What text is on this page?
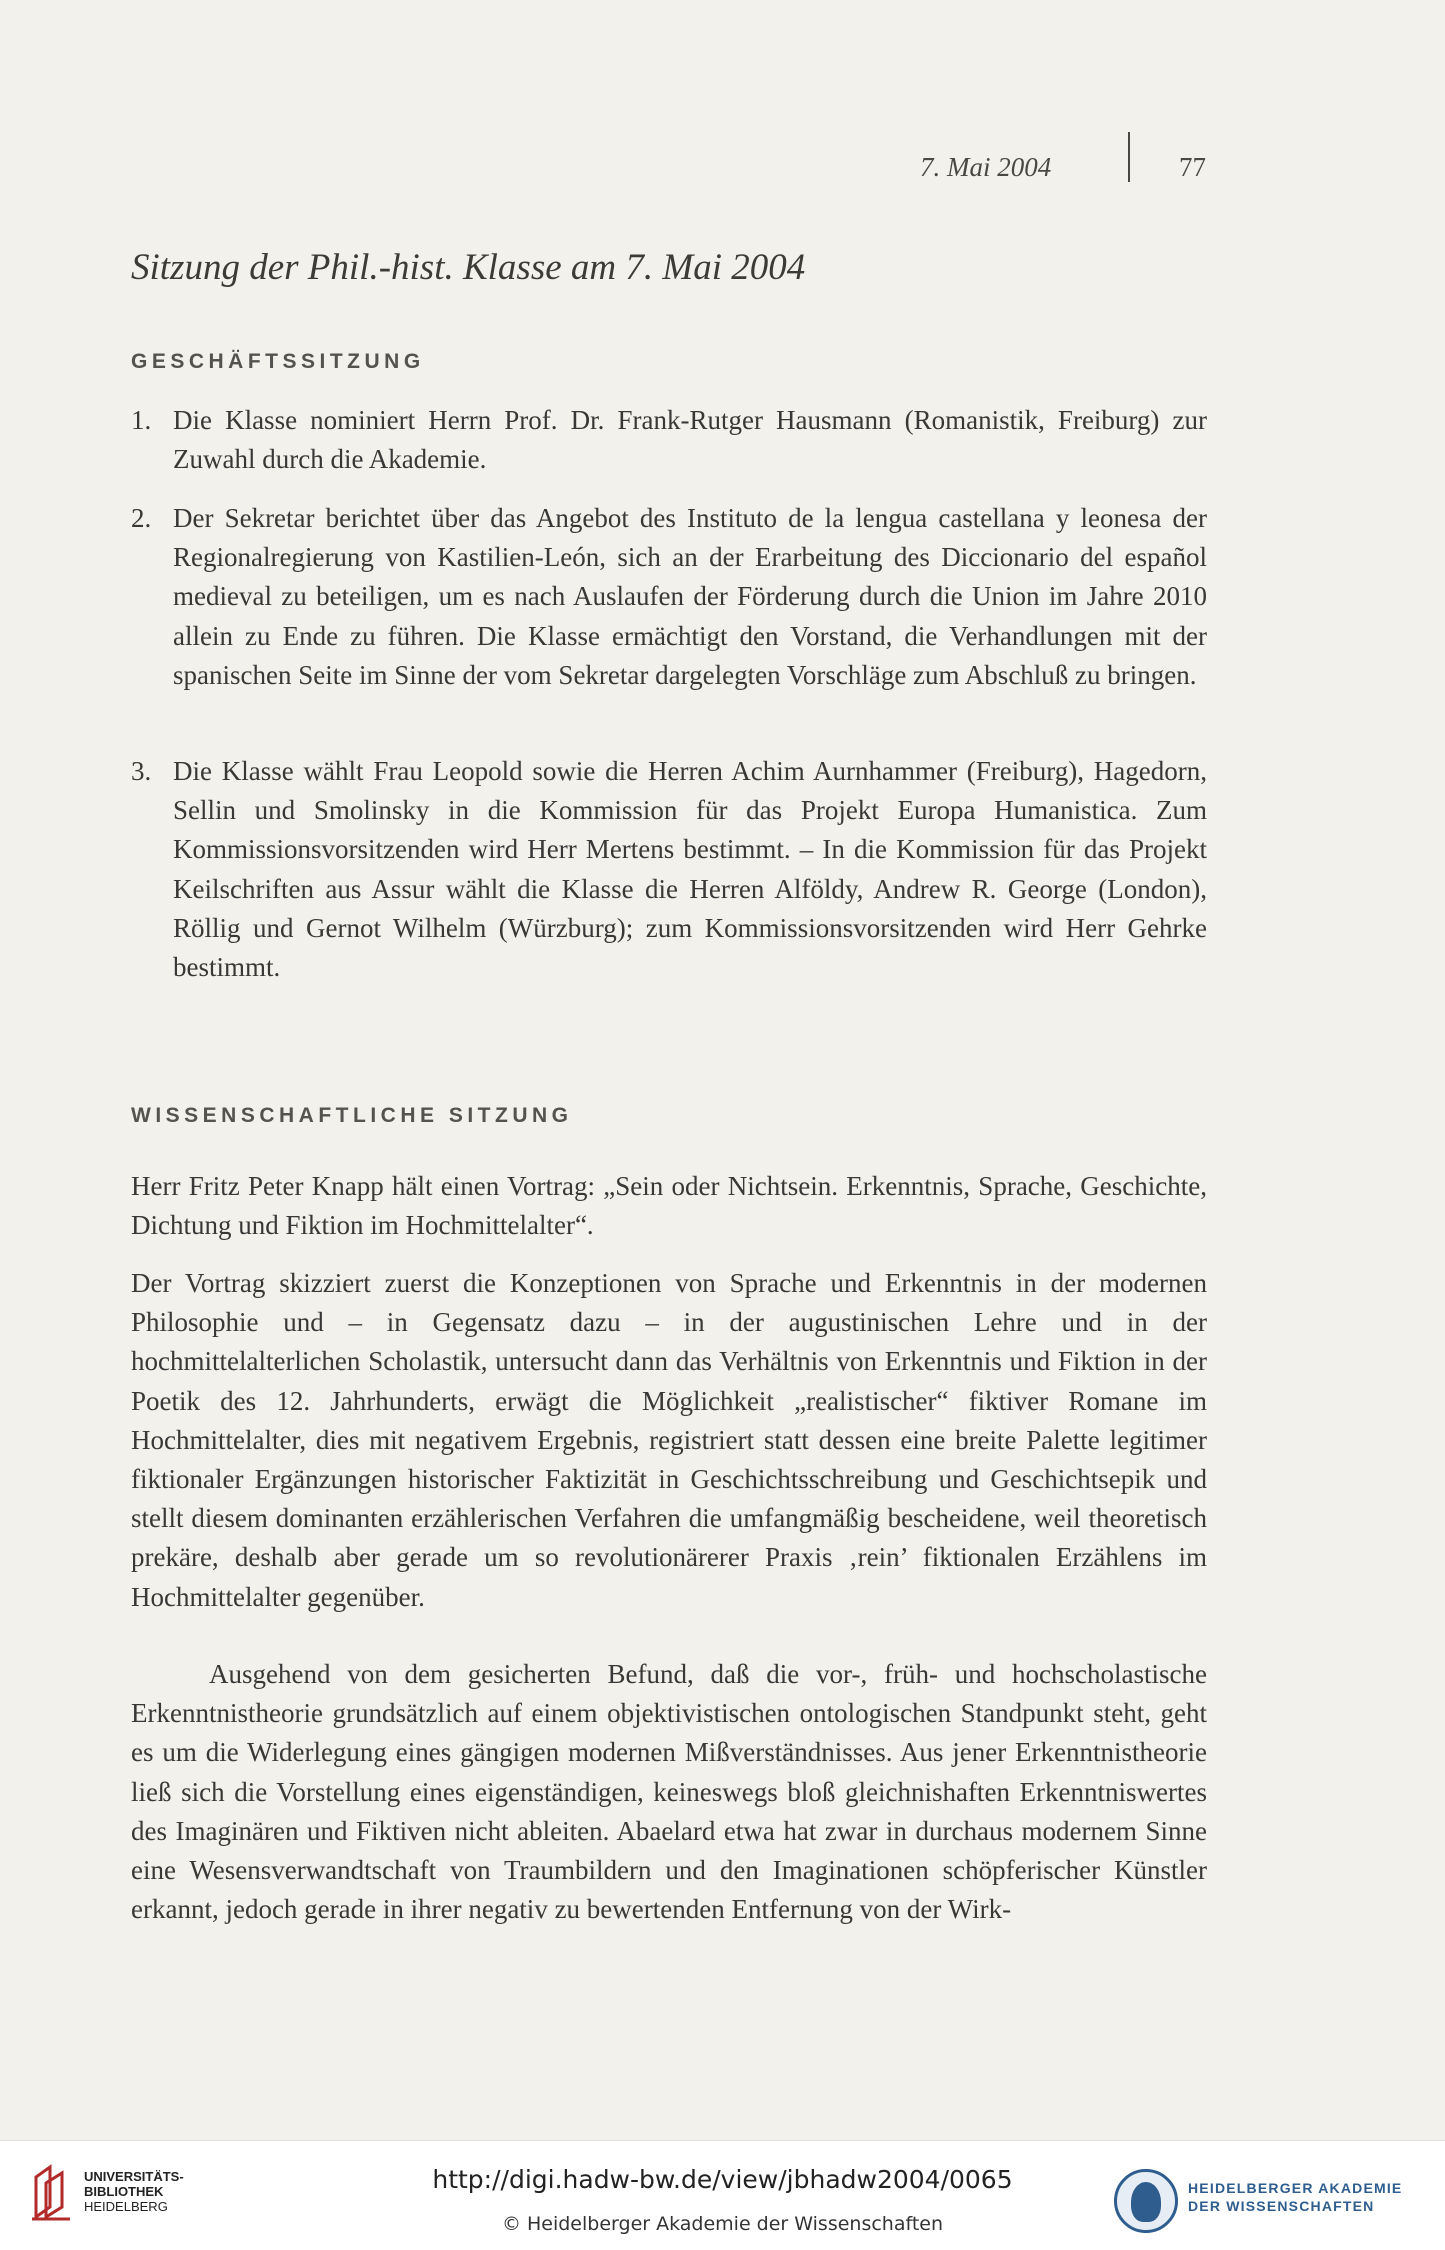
7. Mai 2004	77
Sitzung der Phil.-hist. Klasse am 7. Mai 2004
GESCHÄFTSSITZUNG
1. Die Klasse nominiert Herrn Prof. Dr. Frank-Rutger Hausmann (Romanistik, Freiburg) zur Zuwahl durch die Akademie.
2. Der Sekretar berichtet über das Angebot des Instituto de la lengua castellana y leonesa der Regionalregierung von Kastilien-León, sich an der Erarbeitung des Diccionario del español medieval zu beteiligen, um es nach Auslaufen der Förderung durch die Union im Jahre 2010 allein zu Ende zu führen. Die Klasse ermächtigt den Vorstand, die Verhandlungen mit der spanischen Seite im Sinne der vom Sekretar dargelegten Vorschläge zum Abschluß zu bringen.
3. Die Klasse wählt Frau Leopold sowie die Herren Achim Aurnhammer (Freiburg), Hagedorn, Sellin und Smolinsky in die Kommission für das Projekt Europa Humanistica. Zum Kommissionsvorsitzenden wird Herr Mertens bestimmt. – In die Kommission für das Projekt Keilschriften aus Assur wählt die Klasse die Herren Alföldy, Andrew R. George (London), Röllig und Gernot Wilhelm (Würzburg); zum Kommissionsvorsitzenden wird Herr Gehrke bestimmt.
WISSENSCHAFTLICHE SITZUNG
Herr Fritz Peter Knapp hält einen Vortrag: „Sein oder Nichtsein. Erkenntnis, Sprache, Geschichte, Dichtung und Fiktion im Hochmittelalter“.
Der Vortrag skizziert zuerst die Konzeptionen von Sprache und Erkenntnis in der modernen Philosophie und – in Gegensatz dazu – in der augustinischen Lehre und in der hochmittelalterlichen Scholastik, untersucht dann das Verhältnis von Erkenntnis und Fiktion in der Poetik des 12. Jahrhunderts, erwägt die Möglichkeit „realistischer“ fiktiver Romane im Hochmittelalter, dies mit negativem Ergebnis, registriert statt dessen eine breite Palette legitimer fiktionaler Ergänzungen historischer Faktizität in Geschichtsschreibung und Geschichtsepik und stellt diesem dominanten erzählerischen Verfahren die umfangmäßig bescheidene, weil theoretisch prekäre, deshalb aber gerade um so revolutionärerer Praxis ‚rein’ fiktionalen Erzählens im Hochmittelalter gegenüber.
Ausgehend von dem gesicherten Befund, daß die vor-, früh- und hochscholastische Erkenntnistheorie grundsätzlich auf einem objektivistischen ontologischen Standpunkt steht, geht es um die Widerlegung eines gängigen modernen Mißverständnisses. Aus jener Erkenntnistheorie ließ sich die Vorstellung eines eigenständigen, keineswegs bloß gleichnishaften Erkenntniswertes des Imaginären und Fiktiven nicht ableiten. Abaelard etwa hat zwar in durchaus modernem Sinne eine Wesensverwandtschaft von Traumbildern und den Imaginationen schöpferischer Künstler erkannt, jedoch gerade in ihrer negativ zu bewertenden Entfernung von der Wirk-
UNIVERSITÄTS-
BIBLIOTHEK
HEIDELBERG
http://digi.hadw-bw.de/view/jbhadw2004/0065
© Heidelberger Akademie der Wissenschaften
HEIDELBERGER AKADEMIE
DER WISSENSCHAFTEN
